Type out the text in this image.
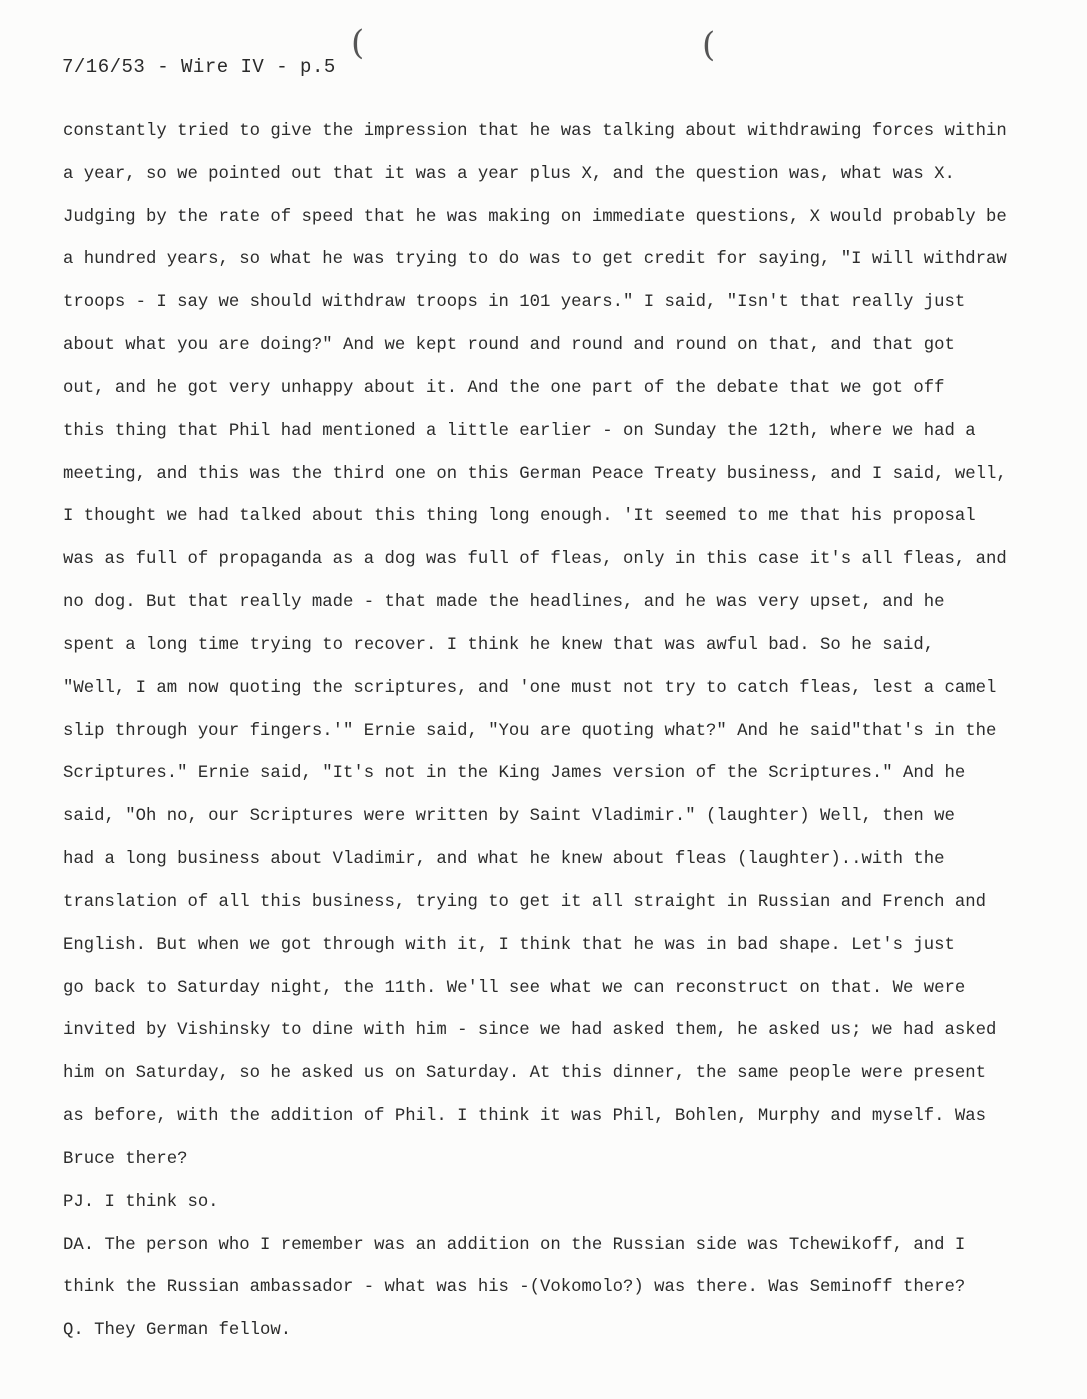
(	(
7/16/53 - Wire IV - p.5
constantly tried to give the impression that he was talking about withdrawing forces within
a year, so we pointed out that it was a year plus X, and the question was, what was X.
Judging by the rate of speed that he was making on immediate questions, X would probably be
a hundred years, so what he was trying to do was to get credit for saying, "I will withdraw
troops - I say we should withdraw troops in 101 years." I said, "Isn't that really just
about what you are doing?" And we kept round and round and round on that, and that got
out, and he got very unhappy about it. And the one part of the debate that we got off
this thing that Phil had mentioned a little earlier - on Sunday the 12th, where we had a
meeting, and this was the third one on this German Peace Treaty business, and I said, well,
I thought we had talked about this thing long enough. 'It seemed to me that his proposal
was as full of propaganda as a dog was full of fleas, only in this case it's all fleas, and
no dog. But that really made - that made the headlines, and he was very upset, and he
spent a long time trying to recover. I think he knew that was awful bad. So he said,
"Well, I am now quoting the scriptures, and 'one must not try to catch fleas, lest a camel
slip through your fingers.'" Ernie said, "You are quoting what?" And he said"that's in the
Scriptures." Ernie said, "It's not in the King James version of the Scriptures." And he
said, "Oh no, our Scriptures were written by Saint Vladimir." (laughter) Well, then we
had a long business about Vladimir, and what he knew about fleas (laughter)..with the
translation of all this business, trying to get it all straight in Russian and French and
English. But when we got through with it, I think that he was in bad shape. Let's just
go back to Saturday night, the 11th. We'll see what we can reconstruct on that. We were
invited by Vishinsky to dine with him - since we had asked them, he asked us; we had asked
him on Saturday, so he asked us on Saturday. At this dinner, the same people were present
as before, with the addition of Phil. I think it was Phil, Bohlen, Murphy and myself. Was
Bruce there?
PJ. I think so.
DA. The person who I remember was an addition on the Russian side was Tchewikoff, and I
think the Russian ambassador - what was his -(Vokomolo?) was there. Was Seminoff there?
Q. They German fellow.
